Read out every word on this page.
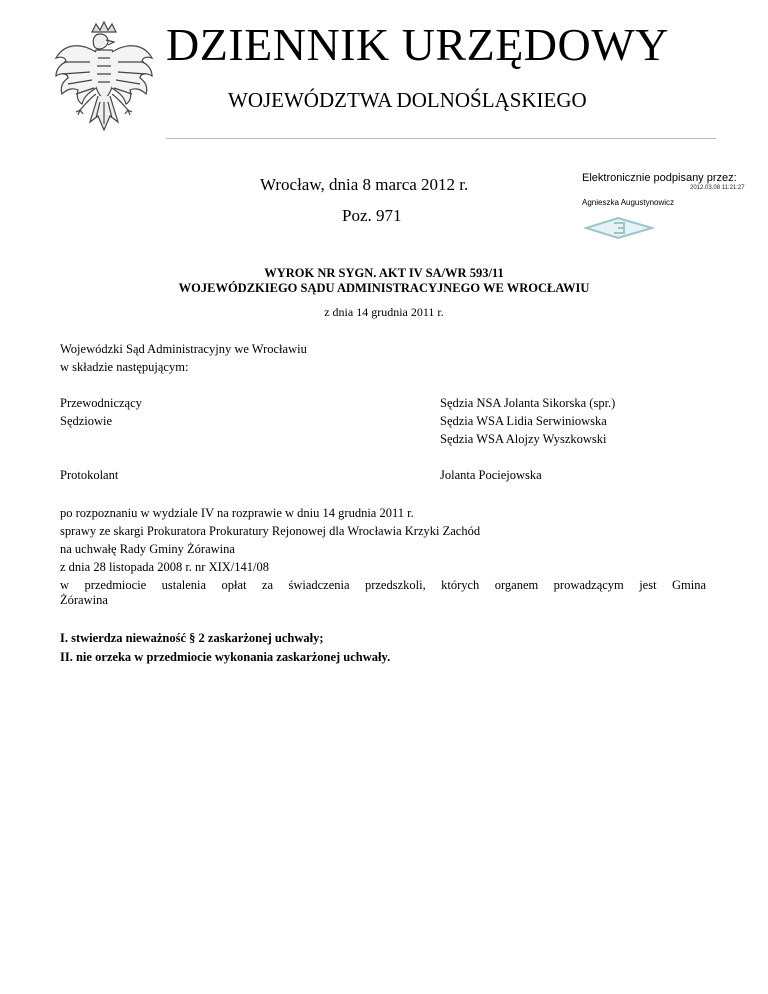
DZIENNIK URZĘDOWY
WOJEWÓDZTWA DOLNOŚLĄSKIEGO
Wrocław, dnia 8 marca 2012 r.
Poz. 971
Elektronicznie podpisany przez:
2012.03.08 11:21:27
Agnieszka Augustynowicz
WYROK NR SYGN. AKT IV SA/WR 593/11
WOJEWÓDZKIEGO SĄDU ADMINISTRACYJNEGO WE WROCŁAWIU
z dnia 14 grudnia 2011 r.
Wojewódzki Sąd Administracyjny we Wrocławiu
w składzie następującym:
Przewodniczący
Sędziowie
Sędzia NSA Jolanta Sikorska (spr.)
Sędzia WSA Lidia Serwiniowska
Sędzia WSA Alojzy Wyszkowski
Protokolant	Jolanta Pociejowska
po rozpoznaniu w wydziale IV na rozprawie w dniu 14 grudnia 2011 r.
sprawy ze skargi Prokuratora Prokuratury Rejonowej dla Wrocławia Krzyki Zachód
na uchwałę Rady Gminy Żórawina
z dnia 28 listopada 2008 r. nr XIX/141/08
w przedmiocie ustalenia opłat za świadczenia przedszkoli, których organem prowadzącym jest Gmina
Żórawina
I. stwierdza nieważność § 2 zaskarżonej uchwały;
II. nie orzeka w przedmiocie wykonania zaskarżonej uchwały.
